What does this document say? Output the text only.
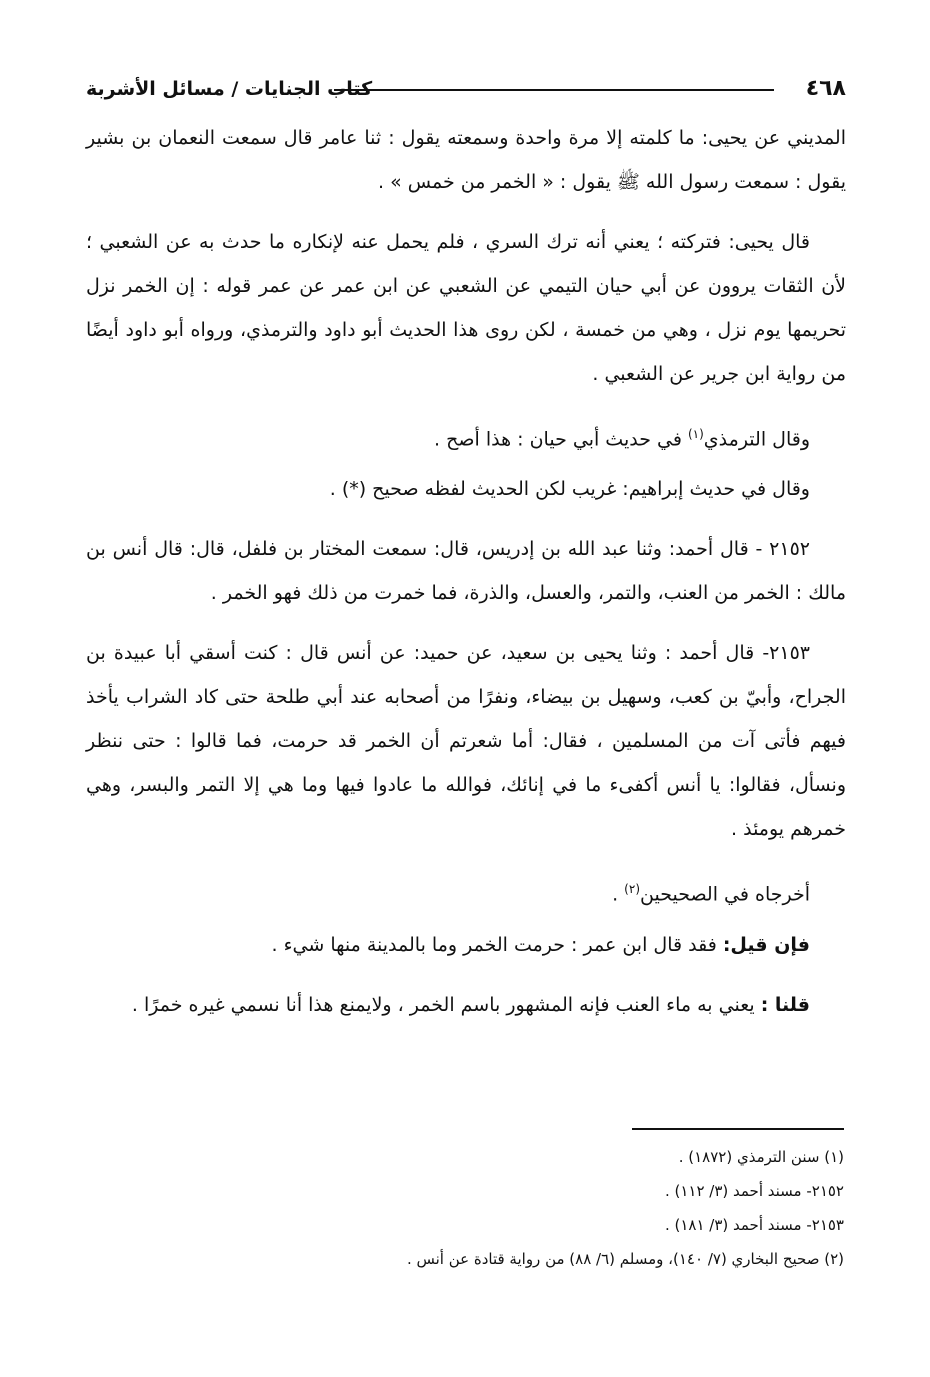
٤٦٨
كتاب الجنايات / مسائل الأشربة

المديني عن يحيى: ما كلمته إلا مرة واحدة وسمعته يقول : ثنا عامر قال سمعت النعمان بن بشير يقول : سمعت رسول الله ﷺ يقول : « الخمر من خمس » .

قال يحيى: فتركته ؛ يعني أنه ترك السري ، فلم يحمل عنه لإنكاره ما حدث به عن الشعبي ؛ لأن الثقات يروون عن أبي حيان التيمي عن الشعبي عن ابن عمر عن عمر قوله : إن الخمر نزل تحريمها يوم نزل ، وهي من خمسة ، لكن روى هذا الحديث أبو داود والترمذي، ورواه أبو داود أيضًا من رواية ابن جرير عن الشعبي .

وقال الترمذي$^{(١)}$ في حديث أبي حيان : هذا أصح .

وقال في حديث إبراهيم: غريب لكن الحديث لفظه صحيح (*) .

٢١٥٢ - قال أحمد: وثنا عبد الله بن إدريس، قال: سمعت المختار بن فلفل، قال: قال أنس بن مالك : الخمر من العنب، والتمر، والعسل، والذرة، فما خمرت من ذلك فهو الخمر .

٢١٥٣- قال أحمد : وثنا يحيى بن سعيد، عن حميد: عن أنس قال : كنت أسقي أبا عبيدة بن الجراح، وأبيّ بن كعب، وسهيل بن بيضاء، ونفرًا من أصحابه عند أبي طلحة حتى كاد الشراب يأخذ فيهم فأتى آت من المسلمين ، فقال: أما شعرتم أن الخمر قد حرمت، فما قالوا : حتى ننظر ونسأل، فقالوا: يا أنس أكفىء ما في إنائك، فوالله ما عادوا فيها وما هي إلا التمر والبسر، وهي خمرهم يومئذ .

أخرجاه في الصحيحين$^{(٢)}$ .

فإن قيل: فقد قال ابن عمر : حرمت الخمر وما بالمدينة منها شيء .

قلنا : يعني به ماء العنب فإنه المشهور باسم الخمر ، ولايمنع هذا أنا نسمي غيره خمرًا .

(١) سنن الترمذي (١٨٧٢) .

٢١٥٢- مسند أحمد (٣/ ١١٢) .

٢١٥٣- مسند أحمد (٣/ ١٨١) .

(٢) صحيح البخاري (٧/ ١٤٠)، ومسلم (٦/ ٨٨) من رواية قتادة عن أنس .
